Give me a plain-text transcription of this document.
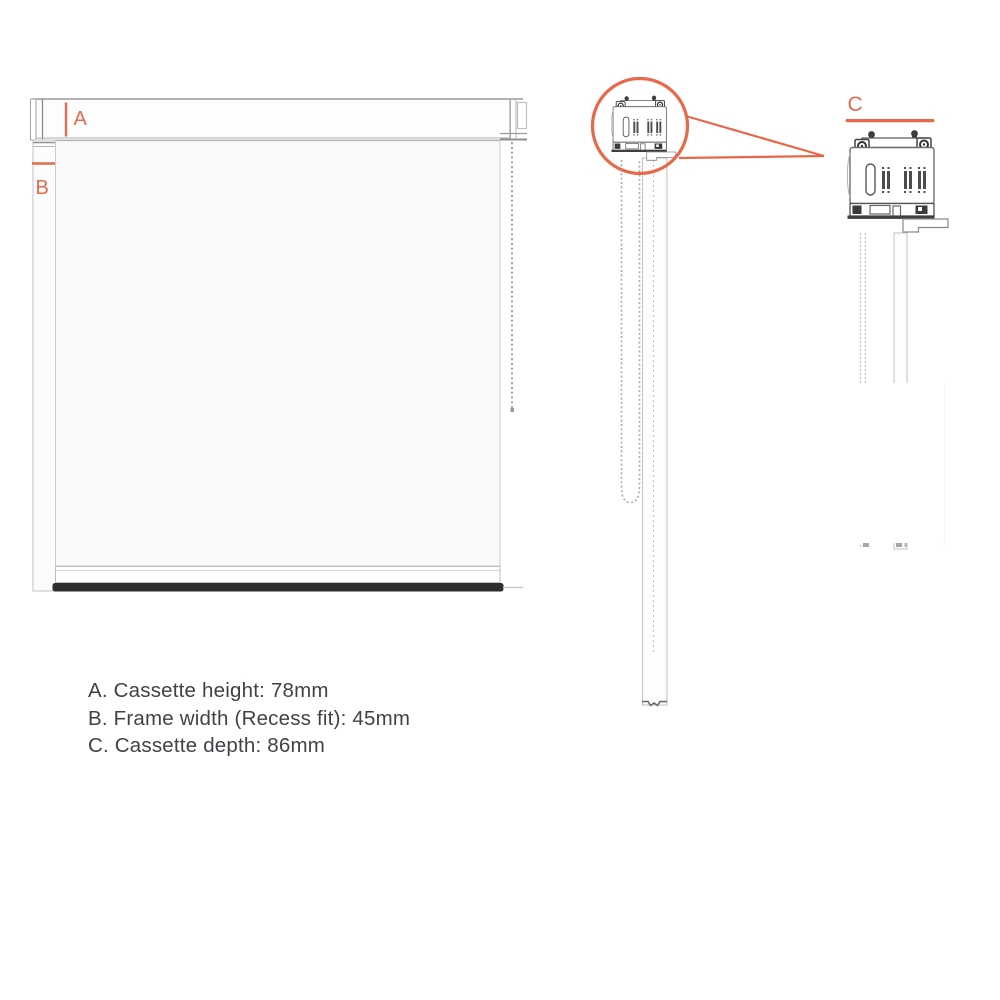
A
B
C
A. Cassette height: 78mm
B. Frame width (Recess fit): 45mm
C. Cassette depth: 86mm
